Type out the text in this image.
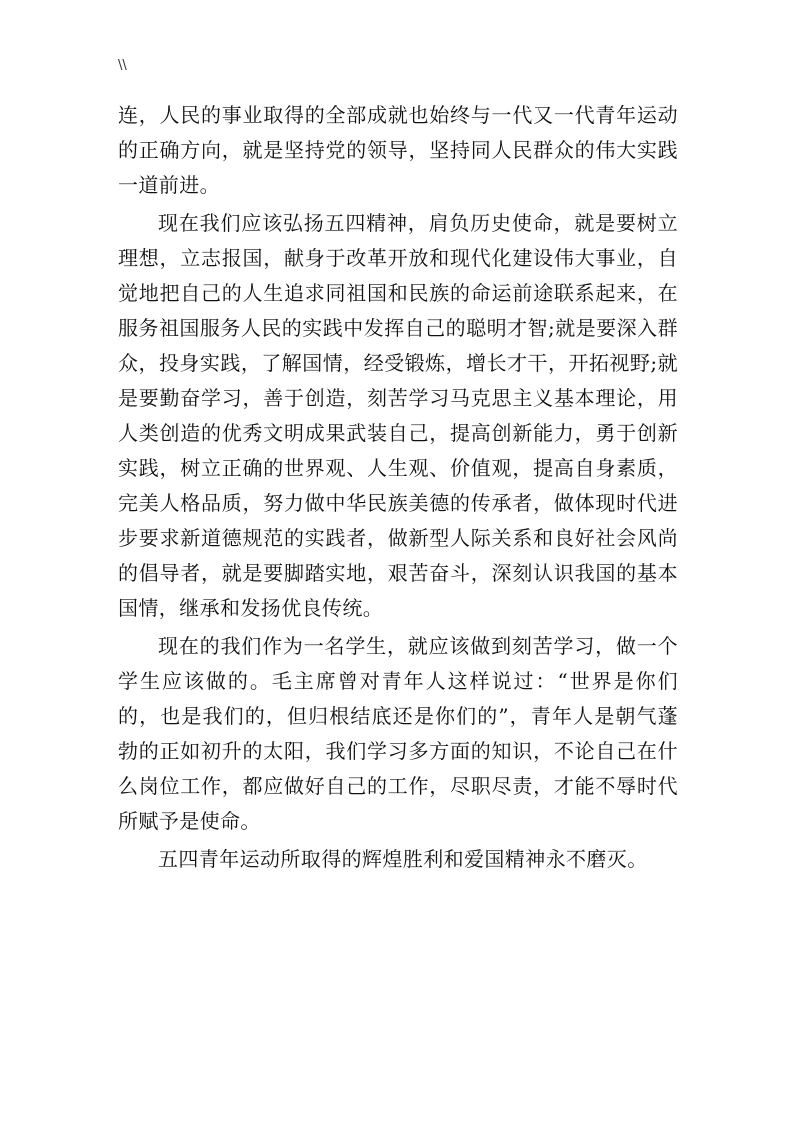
\\

连，人民的事业取得的全部成就也始终与一代又一代青年运动的正确方向，就是坚持党的领导，坚持同人民群众的伟大实践一道前进。

现在我们应该弘扬五四精神，肩负历史使命，就是要树立理想，立志报国，献身于改革开放和现代化建设伟大事业，自觉地把自己的人生追求同祖国和民族的命运前途联系起来，在服务祖国服务人民的实践中发挥自己的聪明才智;就是要深入群众，投身实践，了解国情，经受锻炼，增长才干，开拓视野;就是要勤奋学习，善于创造，刻苦学习马克思主义基本理论，用人类创造的优秀文明成果武装自己，提高创新能力，勇于创新实践，树立正确的世界观、人生观、价值观，提高自身素质，完美人格品质，努力做中华民族美德的传承者，做体现时代进步要求新道德规范的实践者，做新型人际关系和良好社会风尚的倡导者，就是要脚踏实地，艰苦奋斗，深刻认识我国的基本国情，继承和发扬优良传统。

现在的我们作为一名学生，就应该做到刻苦学习，做一个学生应该做的。毛主席曾对青年人这样说过：“世界是你们的，也是我们的，但归根结底还是你们的”，青年人是朝气蓬勃的正如初升的太阳，我们学习多方面的知识，不论自己在什么岗位工作，都应做好自己的工作，尽职尽责，才能不辱时代所赋予是使命。

五四青年运动所取得的辉煌胜利和爱国精神永不磨灭。
